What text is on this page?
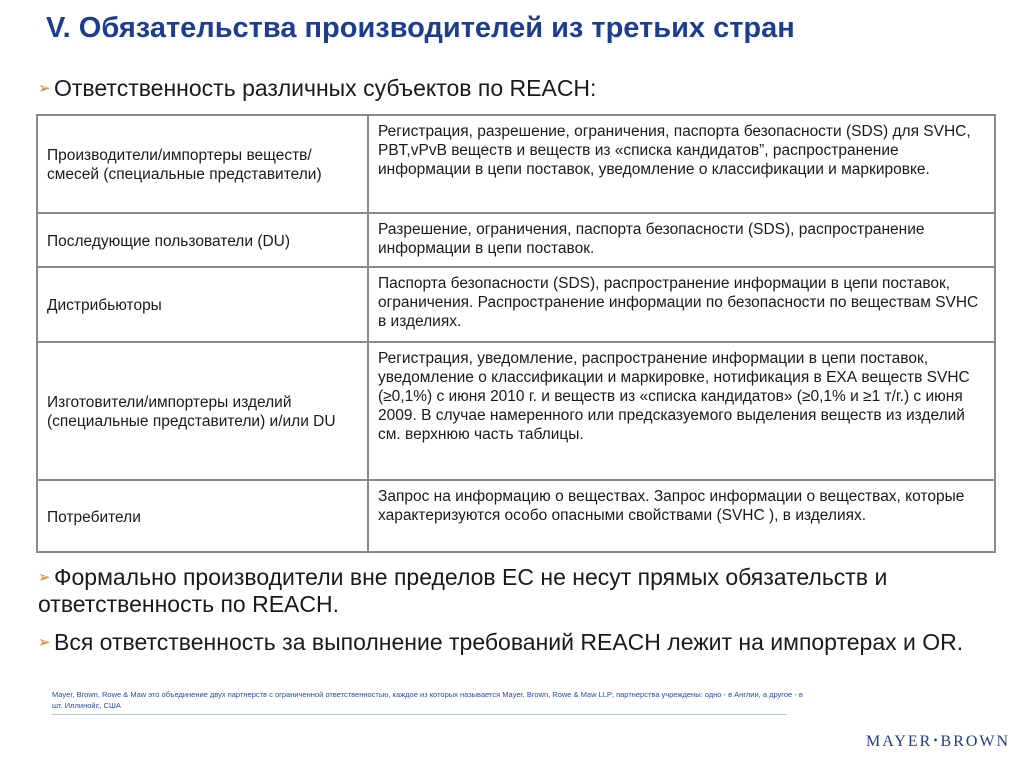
V. Обязательства производителей из третьих стран
➢ Ответственность различных субъектов по REACH:
Производители/импортеры веществ/смесей (специальные представители)	Регистрация, разрешение, ограничения, паспорта безопасности (SDS) для SVHC, PBT,vPvB веществ и веществ из «списка кандидатов”, распространение информации в цепи поставок, уведомление о классификации и маркировке.
Последующие пользователи (DU)	Разрешение, ограничения, паспорта безопасности (SDS), распространение информации в цепи поставок.
Дистрибьюторы	Паспорта безопасности (SDS), распространение информации в цепи поставок, ограничения. Распространение информации по безопасности по веществам SVHC в изделиях.
Изготовители/импортеры изделий (специальные представители) и/или DU	Регистрация, уведомление, распространение информации в цепи поставок, уведомление о классификации и маркировке, нотификация в ЕХА веществ SVHC (≥0,1%) с июня 2010 г. и веществ из «списка кандидатов» (≥0,1% и ≥1 т/г.) с июня 2009. В случае намеренного или предсказуемого выделения веществ из изделий см. верхнюю часть таблицы.
Потребители	Запрос на информацию о веществах. Запрос информации о веществах, которые характеризуются особо опасными свойствами (SVHC ), в изделиях.
➢ Формально производители вне пределов ЕС не несут прямых обязательств и ответственность по REACH.
➢ Вся ответственность за выполнение требований REACH лежит на импортерах и OR.
Mayer, Brown, Rowe & Maw это объединение двух партнерств с ограниченной ответственностью, каждое из которых называется Mayer, Brown, Rowe & Maw LLP; партнерства учреждены: одно - в Англии, а другое - в шт. Иллинойс, США
MAYER•BROWN
